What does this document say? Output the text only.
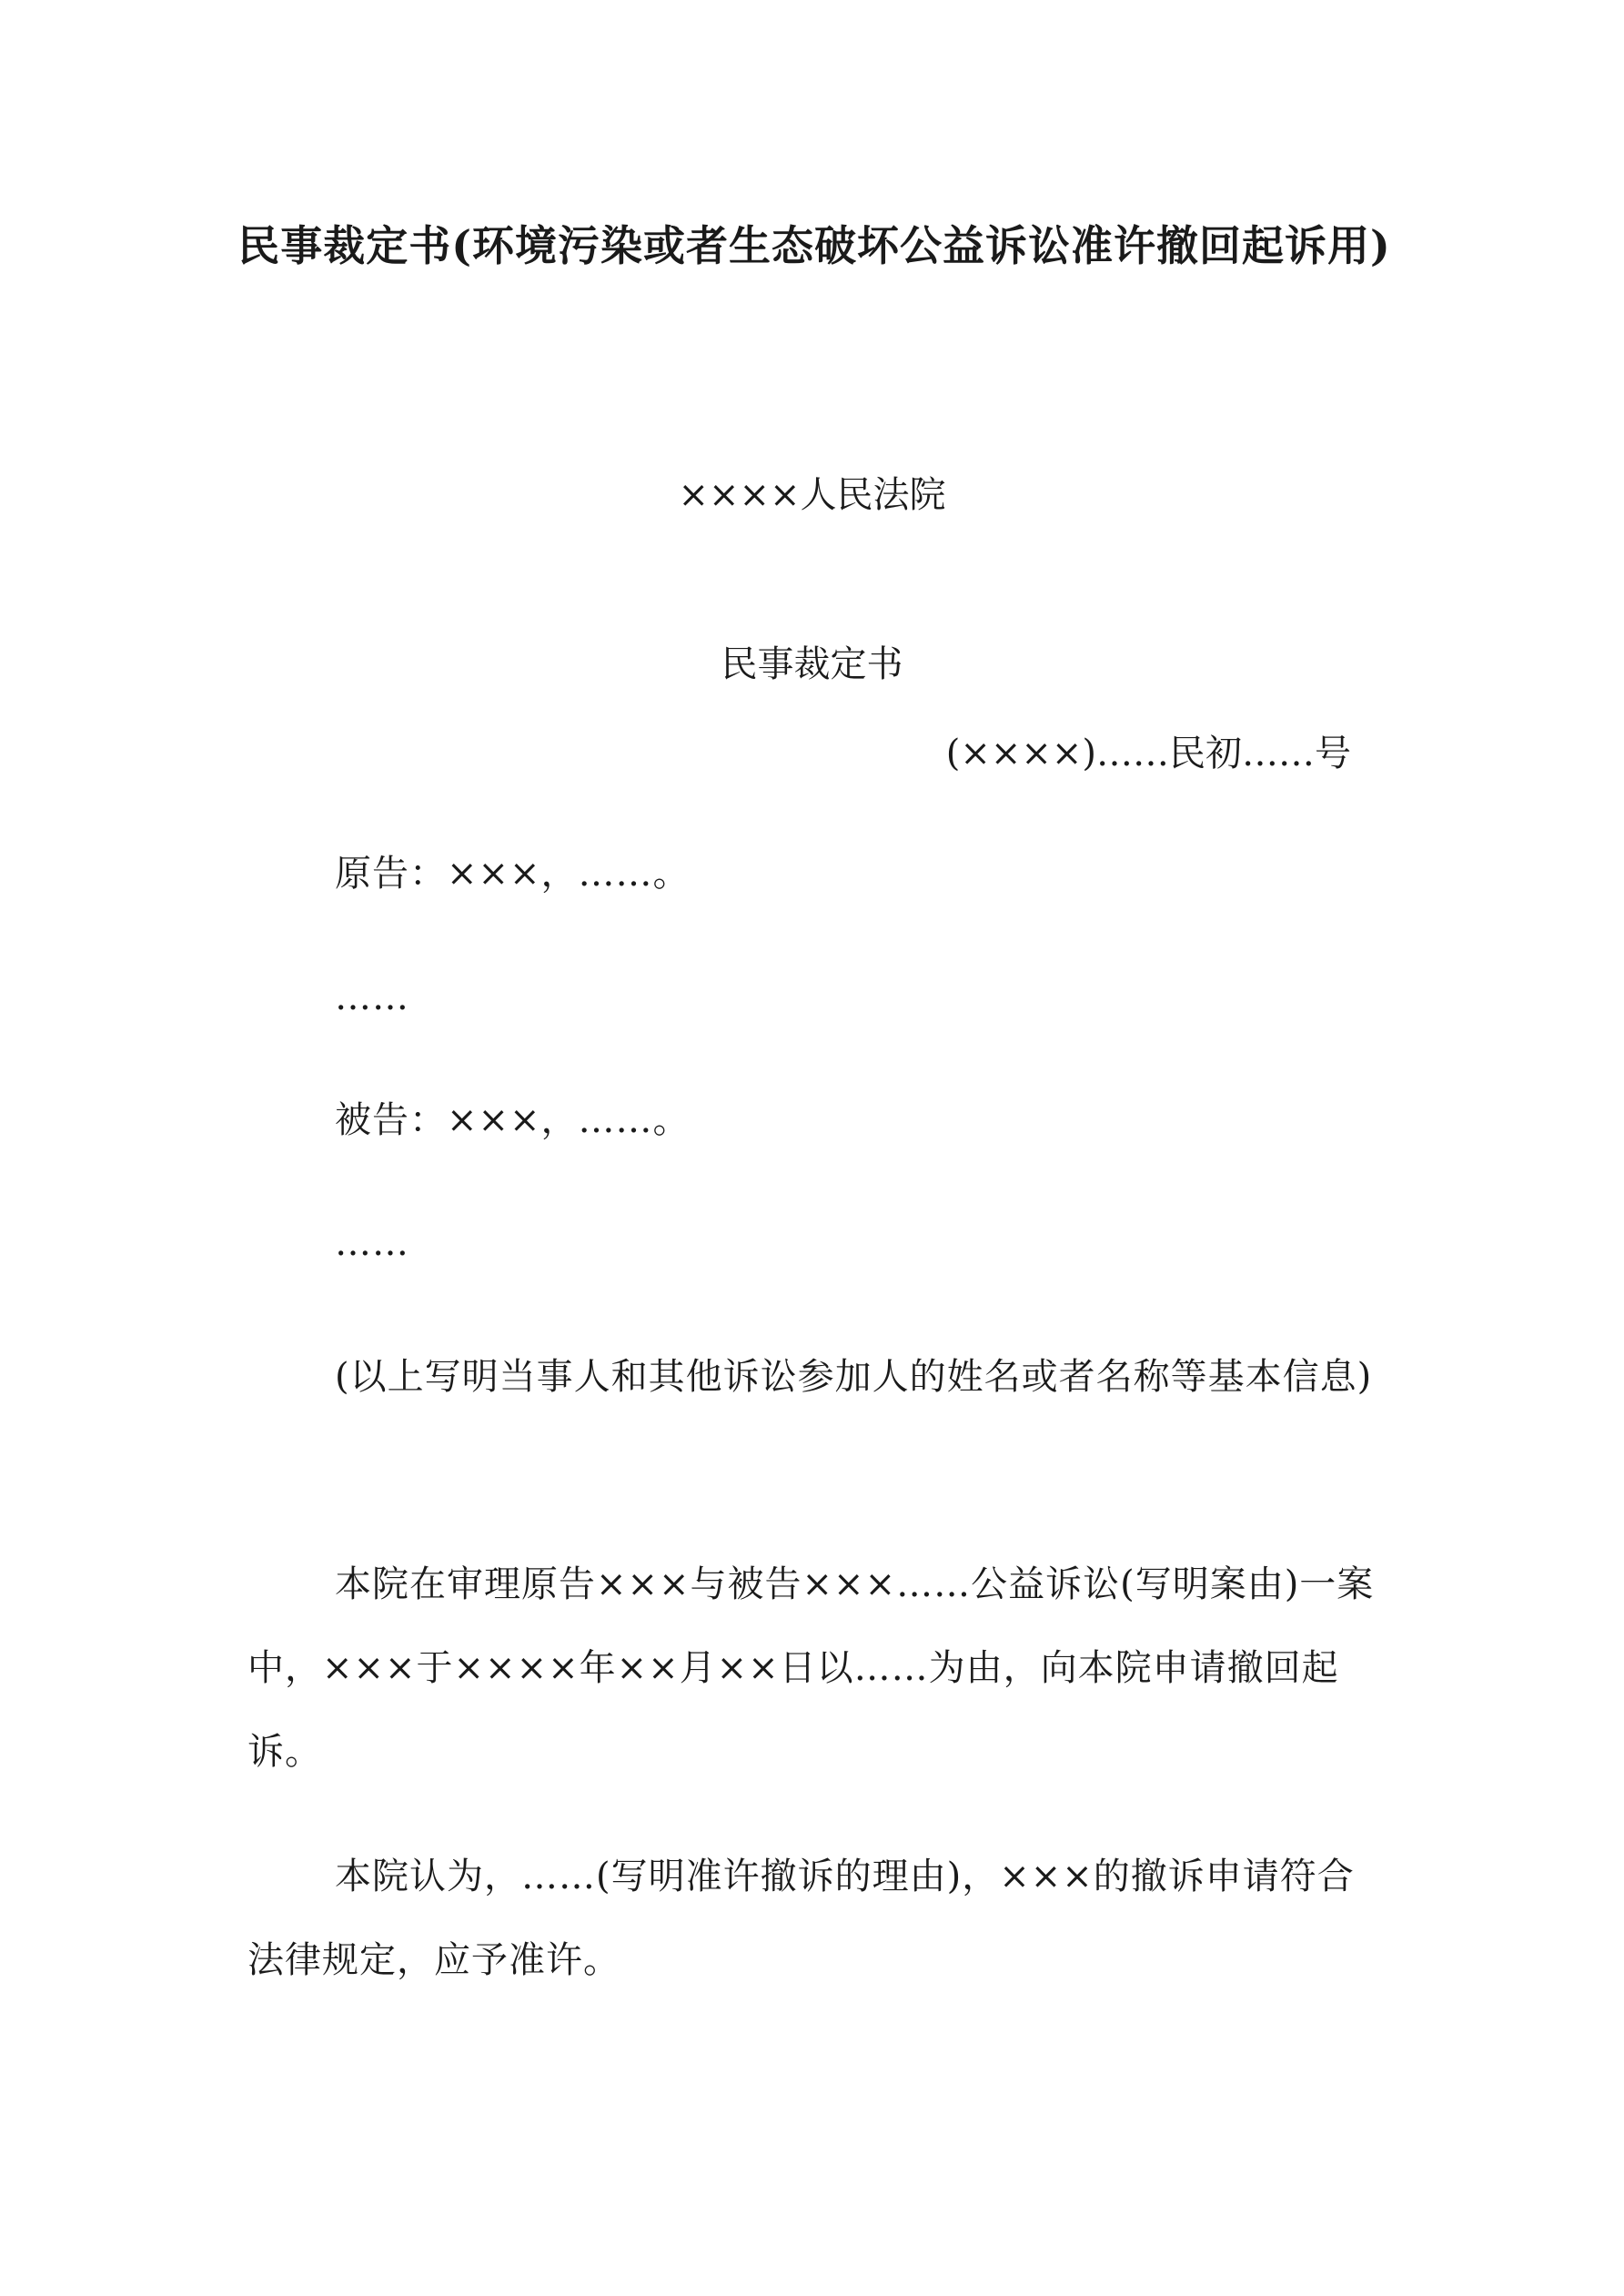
民事裁定书(环境污染或者生态破坏公益诉讼准许撤回起诉用)
××××人民法院
民事裁定书
(××××)……民初……号
原告：×××，……。
……
被告：×××，……。
……
(以上写明当事人和其他诉讼参加人的姓名或者名称等基本信息)
本院在审理原告×××与被告×××……公益诉讼(写明案由)一案中，×××于××××年××月××日以……为由，向本院申请撤回起诉。
本院认为，……(写明准许撤诉的理由)，×××的撤诉申请符合法律规定，应予准许。
